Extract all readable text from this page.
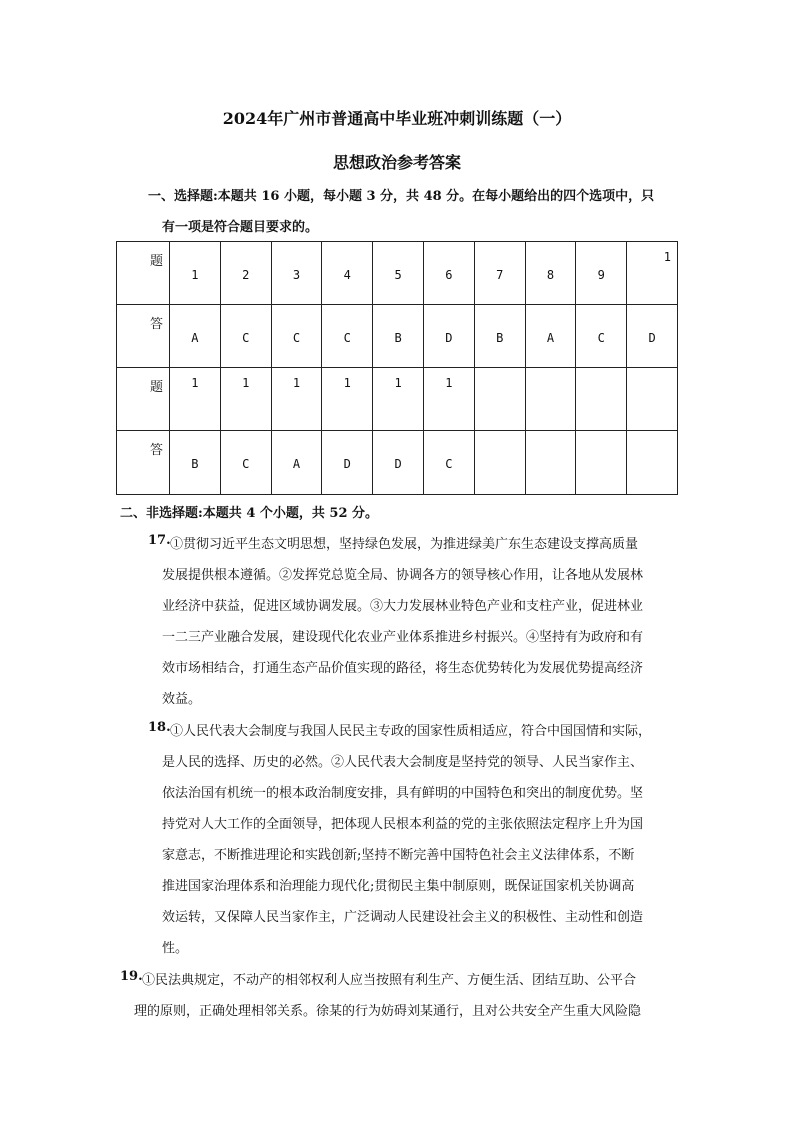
2024年广州市普通高中毕业班冲刺训练题（一）
思想政治参考答案
一、选择题:本题共 16 小题，每小题 3 分，共 48 分。在每小题给出的四个选项中，只
有一项是符合题目要求的。
题	1	2	3	4	5	6	7	8	9	1

答	A	C	C	C	B	D	B	A	C	D

题	1	1	1	1	1	1				

答	B	C	A	D	D	C				

二、非选择题:本题共 4 个小题，共 52 分。
17. ①贯彻习近平生态文明思想，坚持绿色发展，为推进绿美广东生态建设支撑高质量
发展提供根本遵循。②发挥党总览全局、协调各方的领导核心作用，让各地从发展林
业经济中获益，促进区域协调发展。③大力发展林业特色产业和支柱产业，促进林业
一二三产业融合发展，建设现代化农业产业体系推进乡村振兴。④坚持有为政府和有
效市场相结合，打通生态产品价值实现的路径，将生态优势转化为发展优势提高经济
效益。
18. ①人民代表大会制度与我国人民民主专政的国家性质相适应，符合中国国情和实际，
是人民的选择、历史的必然。②人民代表大会制度是坚持党的领导、人民当家作主、
依法治国有机统一的根本政治制度安排，具有鲜明的中国特色和突出的制度优势。坚
持党对人大工作的全面领导，把体现人民根本利益的党的主张依照法定程序上升为国
家意志，不断推进理论和实践创新;坚持不断完善中国特色社会主义法律体系，不断
推进国家治理体系和治理能力现代化;贯彻民主集中制原则，既保证国家机关协调高
效运转，又保障人民当家作主，广泛调动人民建设社会主义的积极性、主动性和创造
性。
19. ①民法典规定，不动产的相邻权利人应当按照有利生产、方便生活、团结互助、公平合
理的原则，正确处理相邻关系。徐某的行为妨碍刘某通行，且对公共安全产生重大风险隐
